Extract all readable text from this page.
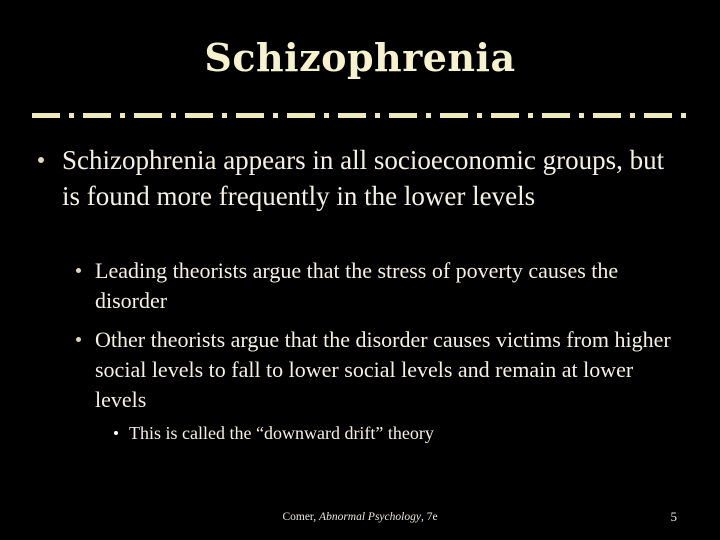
Schizophrenia
Schizophrenia appears in all socioeconomic groups, but is found more frequently in the lower levels
Leading theorists argue that the stress of poverty causes the disorder
Other theorists argue that the disorder causes victims from higher social levels to fall to lower social levels and remain at lower levels
This is called the “downward drift” theory
Comer, Abnormal Psychology, 7e	5
